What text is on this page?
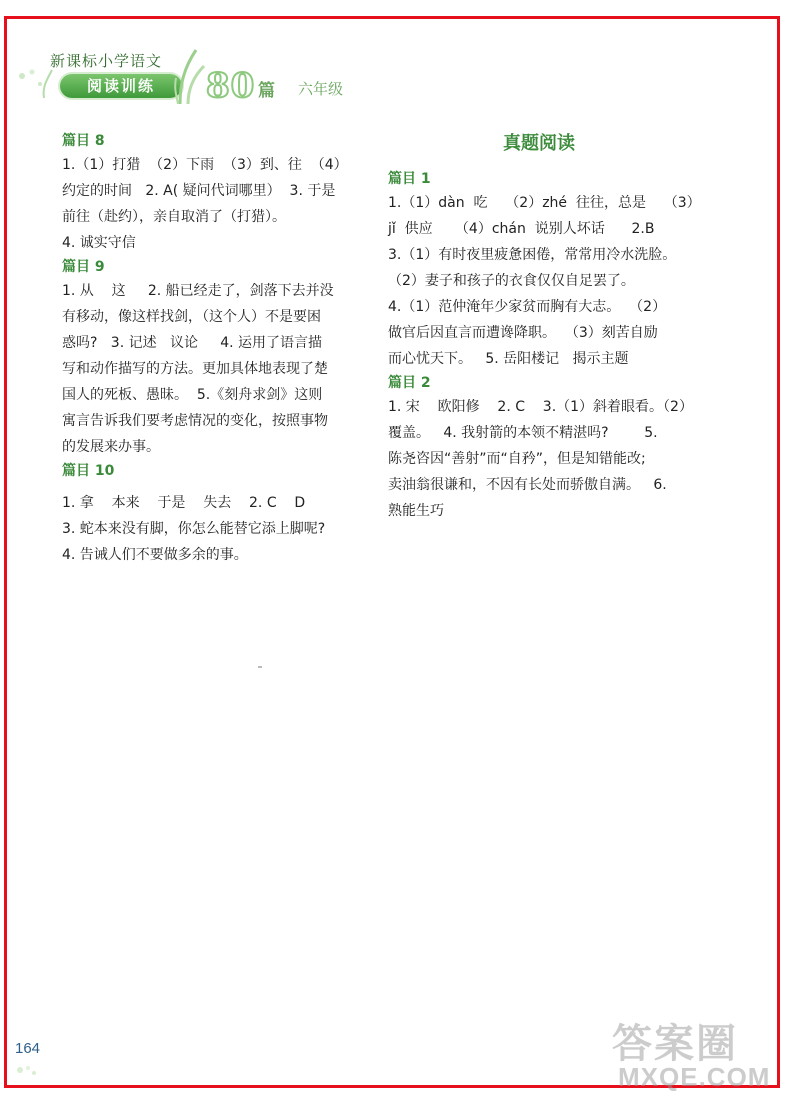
新课标小学语文
阅读训练	80 篇 六年级
篇目 8
1.（1）打猎  （2）下雨  （3）到、往  （4）
约定的时间   2. A( 疑问代词哪里）  3. 于是
前往（赴约），亲自取消了（打猎）。
4. 诚实守信
篇目 9
1. 从    这     2. 船已经走了，剑落下去并没
有移动，像这样找剑，（这个人）不是要困
惑吗?   3. 记述   议论     4. 运用了语言描
写和动作描写的方法。更加具体地表现了楚
国人的死板、愚昧。  5.《刻舟求剑》这则
寓言告诉我们要考虑情况的变化，按照事物
的发展来办事。
篇目 10
1. 拿    本来    于是    失去    2. C    D
3. 蛇本来没有脚，你怎么能替它添上脚呢?
4. 告诫人们不要做多余的事。
真题阅读
篇目 1
1.（1）dàn  吃    （2）zhé  往往，总是    （3）
jǐ  供应     （4）chán  说别人坏话      2.B
3.（1）有时夜里疲惫困倦，常常用冷水洗脸。
（2）妻子和孩子的衣食仅仅自足罢了。
4.（1）范仲淹年少家贫而胸有大志。  （2）
做官后因直言而遭谗降职。  （3）刻苦自励
而心忧天下。   5. 岳阳楼记   揭示主题
篇目 2
1. 宋    欧阳修    2. C    3.（1）斜着眼看。（2）
覆盖。   4. 我射箭的本领不精湛吗?        5.
陈尧咨因“善射”而“自矜”，但是知错能改;
卖油翁很谦和，不因有长处而骄傲自满。   6.
熟能生巧
164	答案圈
MXQE.COM
